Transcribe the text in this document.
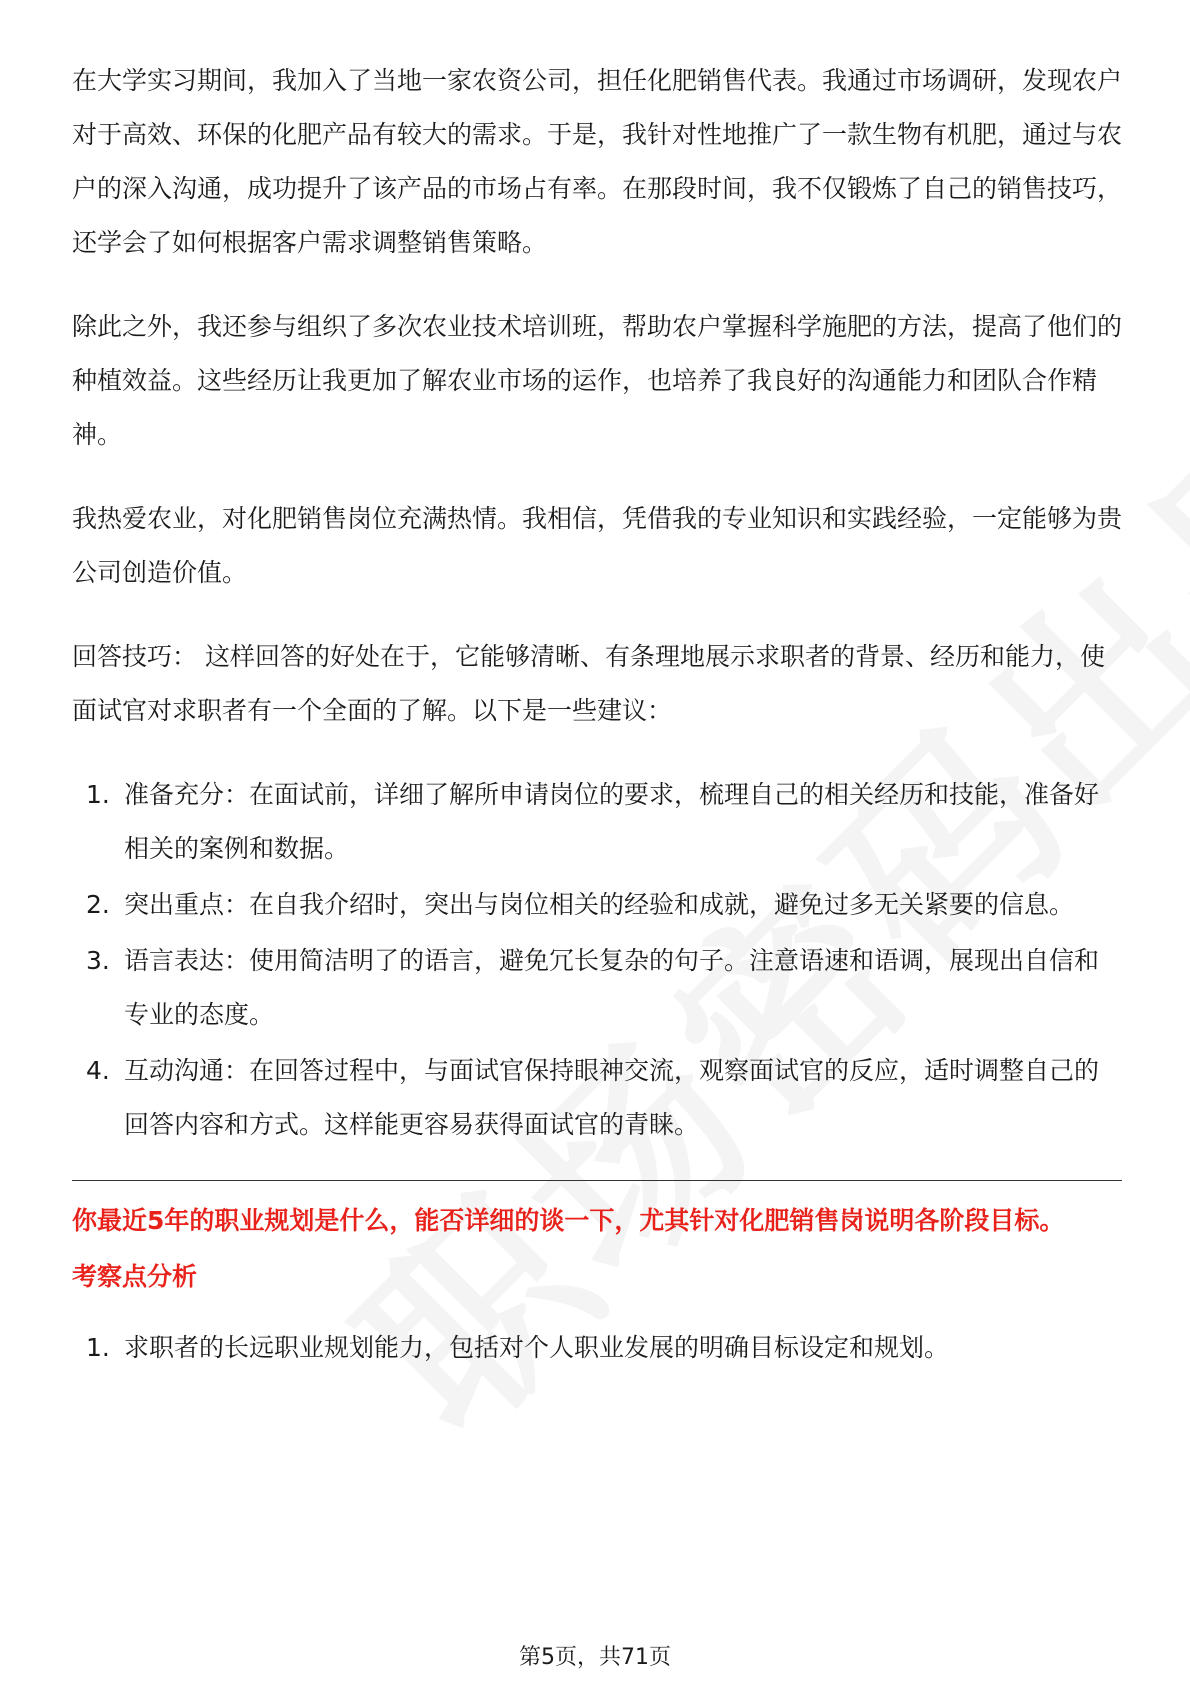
在大学实习期间，我加入了当地一家农资公司，担任化肥销售代表。我通过市场调研，发现农户对于高效、环保的化肥产品有较大的需求。于是，我针对性地推广了一款生物有机肥，通过与农户的深入沟通，成功提升了该产品的市场占有率。在那段时间，我不仅锻炼了自己的销售技巧，还学会了如何根据客户需求调整销售策略。

除此之外，我还参与组织了多次农业技术培训班，帮助农户掌握科学施肥的方法，提高了他们的种植效益。这些经历让我更加了解农业市场的运作，也培养了我良好的沟通能力和团队合作精神。

我热爱农业，对化肥销售岗位充满热情。我相信，凭借我的专业知识和实践经验，一定能够为贵公司创造价值。

回答技巧： 这样回答的好处在于，它能够清晰、有条理地展示求职者的背景、经历和能力，使面试官对求职者有一个全面的了解。以下是一些建议：

1. 准备充分：在面试前，详细了解所申请岗位的要求，梳理自己的相关经历和技能，准备好相关的案例和数据。
2. 突出重点：在自我介绍时，突出与岗位相关的经验和成就，避免过多无关紧要的信息。
3. 语言表达：使用简洁明了的语言，避免冗长复杂的句子。注意语速和语调，展现出自信和专业的态度。
4. 互动沟通：在回答过程中，与面试官保持眼神交流，观察面试官的反应，适时调整自己的回答内容和方式。这样能更容易获得面试官的青睐。
你最近5年的职业规划是什么，能否详细的谈一下，尤其针对化肥销售岗说明各阶段目标。
考察点分析
1. 求职者的长远职业规划能力，包括对个人职业发展的明确目标设定和规划。
第5页，共71页
